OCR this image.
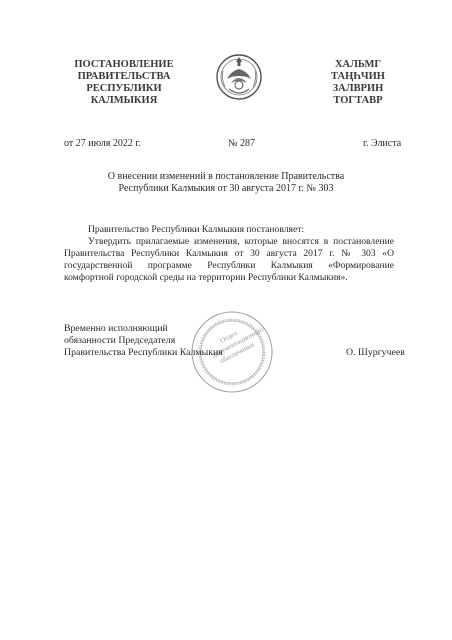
ПОСТАНОВЛЕНИЕ
ПРАВИТЕЛЬСТВА
РЕСПУБЛИКИ
КАЛМЫКИЯ
ХАЛЬМГ
ТАҢҺЧИН
ЗАЛВРИН
ТОГТАВР
от 27 июля 2022 г.	№ 287	г. Элиста
О внесении изменений в постановление Правительства
Республики Калмыкия от 30 августа 2017 г. № 303
Правительство Республики Калмыкия постановляет:
Утвердить прилагаемые изменения, которые вносятся в постановление
Правительства Республики Калмыкия от 30 августа 2017 г. № 303 «О
государственной программе Республики Калмыкия «Формирование
комфортной городской среды на территории Республики Калмыкия».
Отдел документационного обеспечения
Временно исполняющий
обязанности Председателя
Правительства Республики Калмыкия	О. Шургучеев
